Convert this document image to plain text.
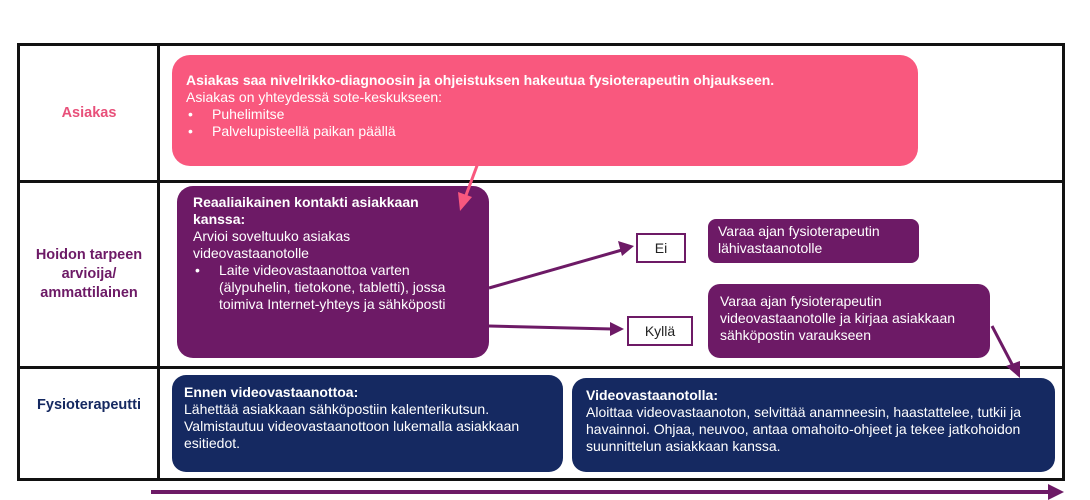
Asiakas
Hoidon tarpeen arvioija/ ammattilainen
Fysioterapeutti
Asiakas saa nivelrikko-diagnoosin ja ohjeistuksen hakeutua fysioterapeutin ohjaukseen.
Asiakas on yhteydessä sote-keskukseen:
• Puhelimitse
• Palvelupisteellä paikan päällä
Reaaliaikainen kontakti asiakkaan kanssa:
Arvioi soveltuuko asiakas videovastaanotolle
• Laite videovastaanottoa varten (älypuhelin, tietokone, tabletti), jossa toimiva Internet-yhteys ja sähköposti
Ei
Kyllä
Varaa ajan fysioterapeutin lähivastaanotolle
Varaa ajan fysioterapeutin videovastaanotolle ja kirjaa asiakkaan sähköpostin varaukseen
Ennen videovastaanottoa:
Lähettää asiakkaan sähköpostiin kalenterikutsun. Valmistautuu videovastaanottoon lukemalla asiakkaan esitiedot.
Videovastaanotolla:
Aloittaa videovastaanoton, selvittää anamneesin, haastattelee, tutkii ja havainnoi. Ohjaa, neuvoo, antaa omahoito-ohjeet ja tekee jatkohoidon suunnittelun asiakkaan kanssa.
